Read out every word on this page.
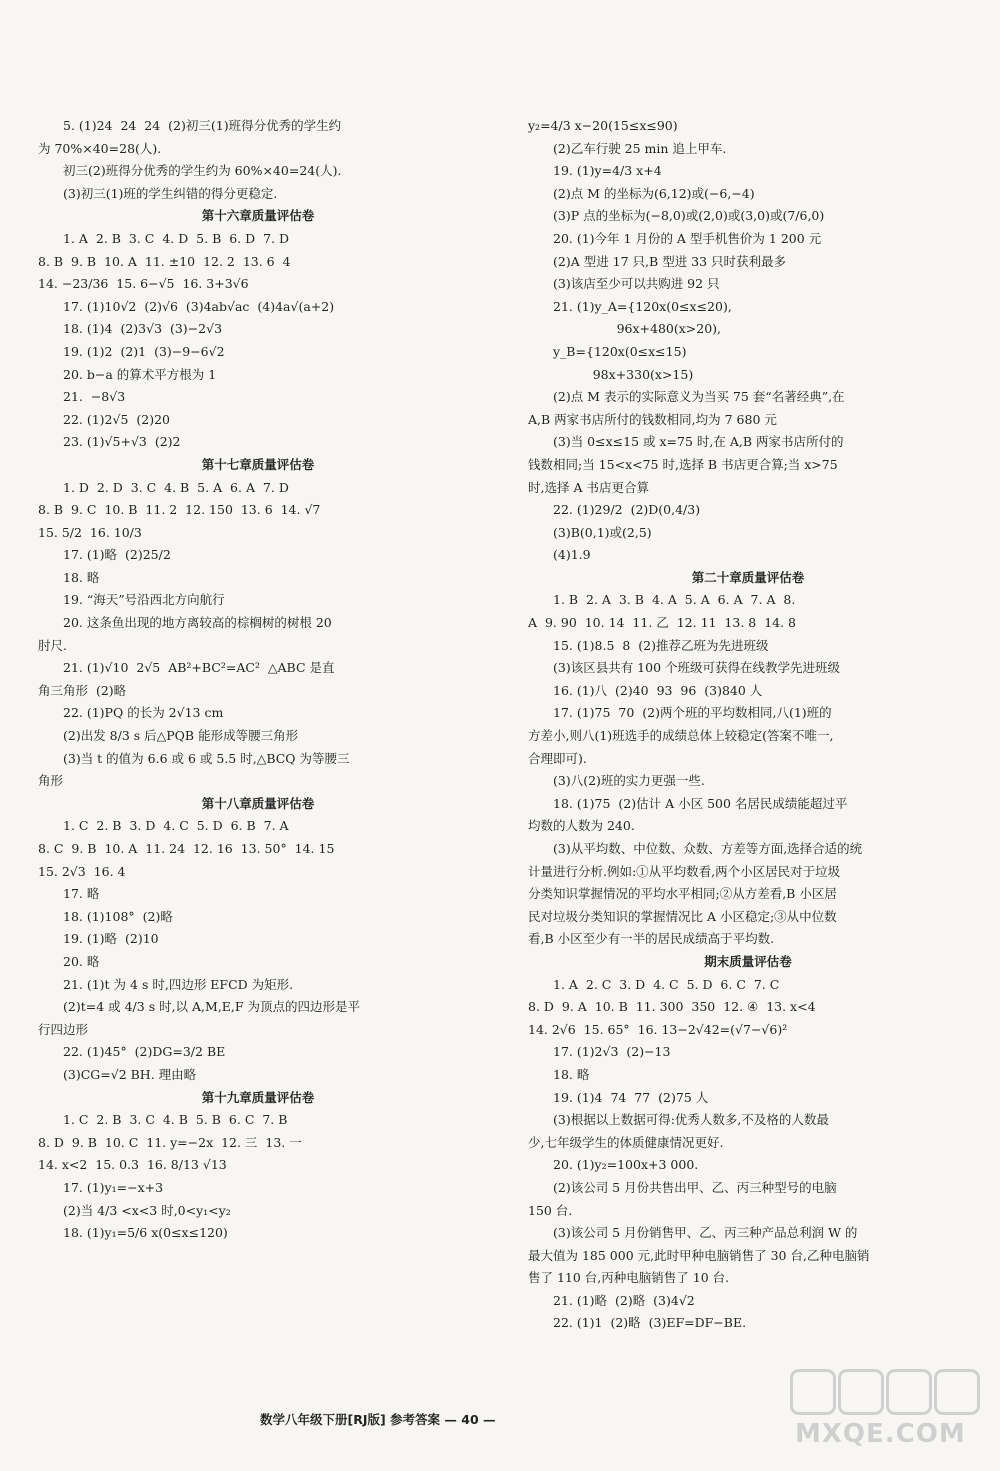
5. (1)24  24  24  (2)初三(1)班得分优秀的学生约
为 70%×40=28(人).
初三(2)班得分优秀的学生约为 60%×40=24(人).
(3)初三(1)班的学生纠错的得分更稳定.
第十六章质量评估卷
1. A  2. B  3. C  4. D  5. B  6. D  7. D
8. B  9. B  10. A  11. ±10  12. 2  13. 6  4
14. −23/36  15. 6−√5  16. 3+3√6
17. (1)10√2  (2)√6  (3)4ab√ac  (4)4a√(a+2)
18. (1)4  (2)3√3  (3)−2√3
19. (1)2  (2)1  (3)−9−6√2
20. b−a 的算术平方根为 1
21.  −8√3
22. (1)2√5  (2)20
23. (1)√5+√3  (2)2
第十七章质量评估卷
1. D  2. D  3. C  4. B  5. A  6. A  7. D
8. B  9. C  10. B  11. 2  12. 150  13. 6  14. √7
15. 5/2  16. 10/3
17. (1)略  (2)25/2
18. 略
19. “海天”号沿西北方向航行
20. 这条鱼出现的地方离较高的棕榈树的树根 20
肘尺.
21. (1)√10  2√5  AB²+BC²=AC²  △ABC 是直
角三角形  (2)略
22. (1)PQ 的长为 2√13 cm
(2)出发 8/3 s 后△PQB 能形成等腰三角形
(3)当 t 的值为 6.6 或 6 或 5.5 时,△BCQ 为等腰三
角形
第十八章质量评估卷
1. C  2. B  3. D  4. C  5. D  6. B  7. A
8. C  9. B  10. A  11. 24  12. 16  13. 50°  14. 15
15. 2√3  16. 4
17. 略
18. (1)108°  (2)略
19. (1)略  (2)10
20. 略
21. (1)t 为 4 s 时,四边形 EFCD 为矩形.
(2)t=4 或 4/3 s 时,以 A,M,E,F 为顶点的四边形是平
行四边形
22. (1)45°  (2)DG=3/2 BE
(3)CG=√2 BH. 理由略
第十九章质量评估卷
1. C  2. B  3. C  4. B  5. B  6. C  7. B
8. D  9. B  10. C  11. y=−2x  12. 三  13. 一
14. x<2  15. 0.3  16. 8/13 √13
17. (1)y₁=−x+3
(2)当 4/3 <x<3 时,0<y₁<y₂
18. (1)y₁=5/6 x(0≤x≤120)
y₂=4/3 x−20(15≤x≤90)
(2)乙车行驶 25 min 追上甲车.
19. (1)y=4/3 x+4
(2)点 M 的坐标为(6,12)或(−6,−4)
(3)P 点的坐标为(−8,0)或(2,0)或(3,0)或(7/6,0)
20. (1)今年 1 月份的 A 型手机售价为 1 200 元
(2)A 型进 17 只,B 型进 33 只时获利最多
(3)该店至少可以共购进 92 只
21. (1)y_A={120x(0≤x≤20),
96x+480(x>20),
y_B={120x(0≤x≤15)
98x+330(x>15)
(2)点 M 表示的实际意义为当买 75 套“名著经典”,在
A,B 两家书店所付的钱数相同,均为 7 680 元
(3)当 0≤x≤15 或 x=75 时,在 A,B 两家书店所付的
钱数相同;当 15<x<75 时,选择 B 书店更合算;当 x>75
时,选择 A 书店更合算
22. (1)29/2  (2)D(0,4/3)
(3)B(0,1)或(2,5)
(4)1.9
第二十章质量评估卷
1. B  2. A  3. B  4. A  5. A  6. A  7. A  8.
A  9. 90  10. 14  11. 乙  12. 11  13. 8  14. 8
15. (1)8.5  8  (2)推荐乙班为先进班级
(3)该区县共有 100 个班级可获得在线教学先进班级
16. (1)八  (2)40  93  96  (3)840 人
17. (1)75  70  (2)两个班的平均数相同,八(1)班的
方差小,则八(1)班选手的成绩总体上较稳定(答案不唯一,
合理即可).
(3)八(2)班的实力更强一些.
18. (1)75  (2)估计 A 小区 500 名居民成绩能超过平
均数的人数为 240.
(3)从平均数、中位数、众数、方差等方面,选择合适的统
计量进行分析.例如:①从平均数看,两个小区居民对于垃圾
分类知识掌握情况的平均水平相同;②从方差看,B 小区居
民对垃圾分类知识的掌握情况比 A 小区稳定;③从中位数
看,B 小区至少有一半的居民成绩高于平均数.
期末质量评估卷
1. A  2. C  3. D  4. C  5. D  6. C  7. C
8. D  9. A  10. B  11. 300  350  12. ④  13. x<4
14. 2√6  15. 65°  16. 13−2√42=(√7−√6)²
17. (1)2√3  (2)−13
18. 略
19. (1)4  74  77  (2)75 人
(3)根据以上数据可得:优秀人数多,不及格的人数最
少,七年级学生的体质健康情况更好.
20. (1)y₂=100x+3 000.
(2)该公司 5 月份共售出甲、乙、丙三种型号的电脑
150 台.
(3)该公司 5 月份销售甲、乙、丙三种产品总利润 W 的
最大值为 185 000 元,此时甲种电脑销售了 30 台,乙种电脑销
售了 110 台,丙种电脑销售了 10 台.
21. (1)略  (2)略  (3)4√2
22. (1)1  (2)略  (3)EF=DF−BE.
数学八年级下册[RJ版] 参考答案 — 40 —	MXQE.COM
